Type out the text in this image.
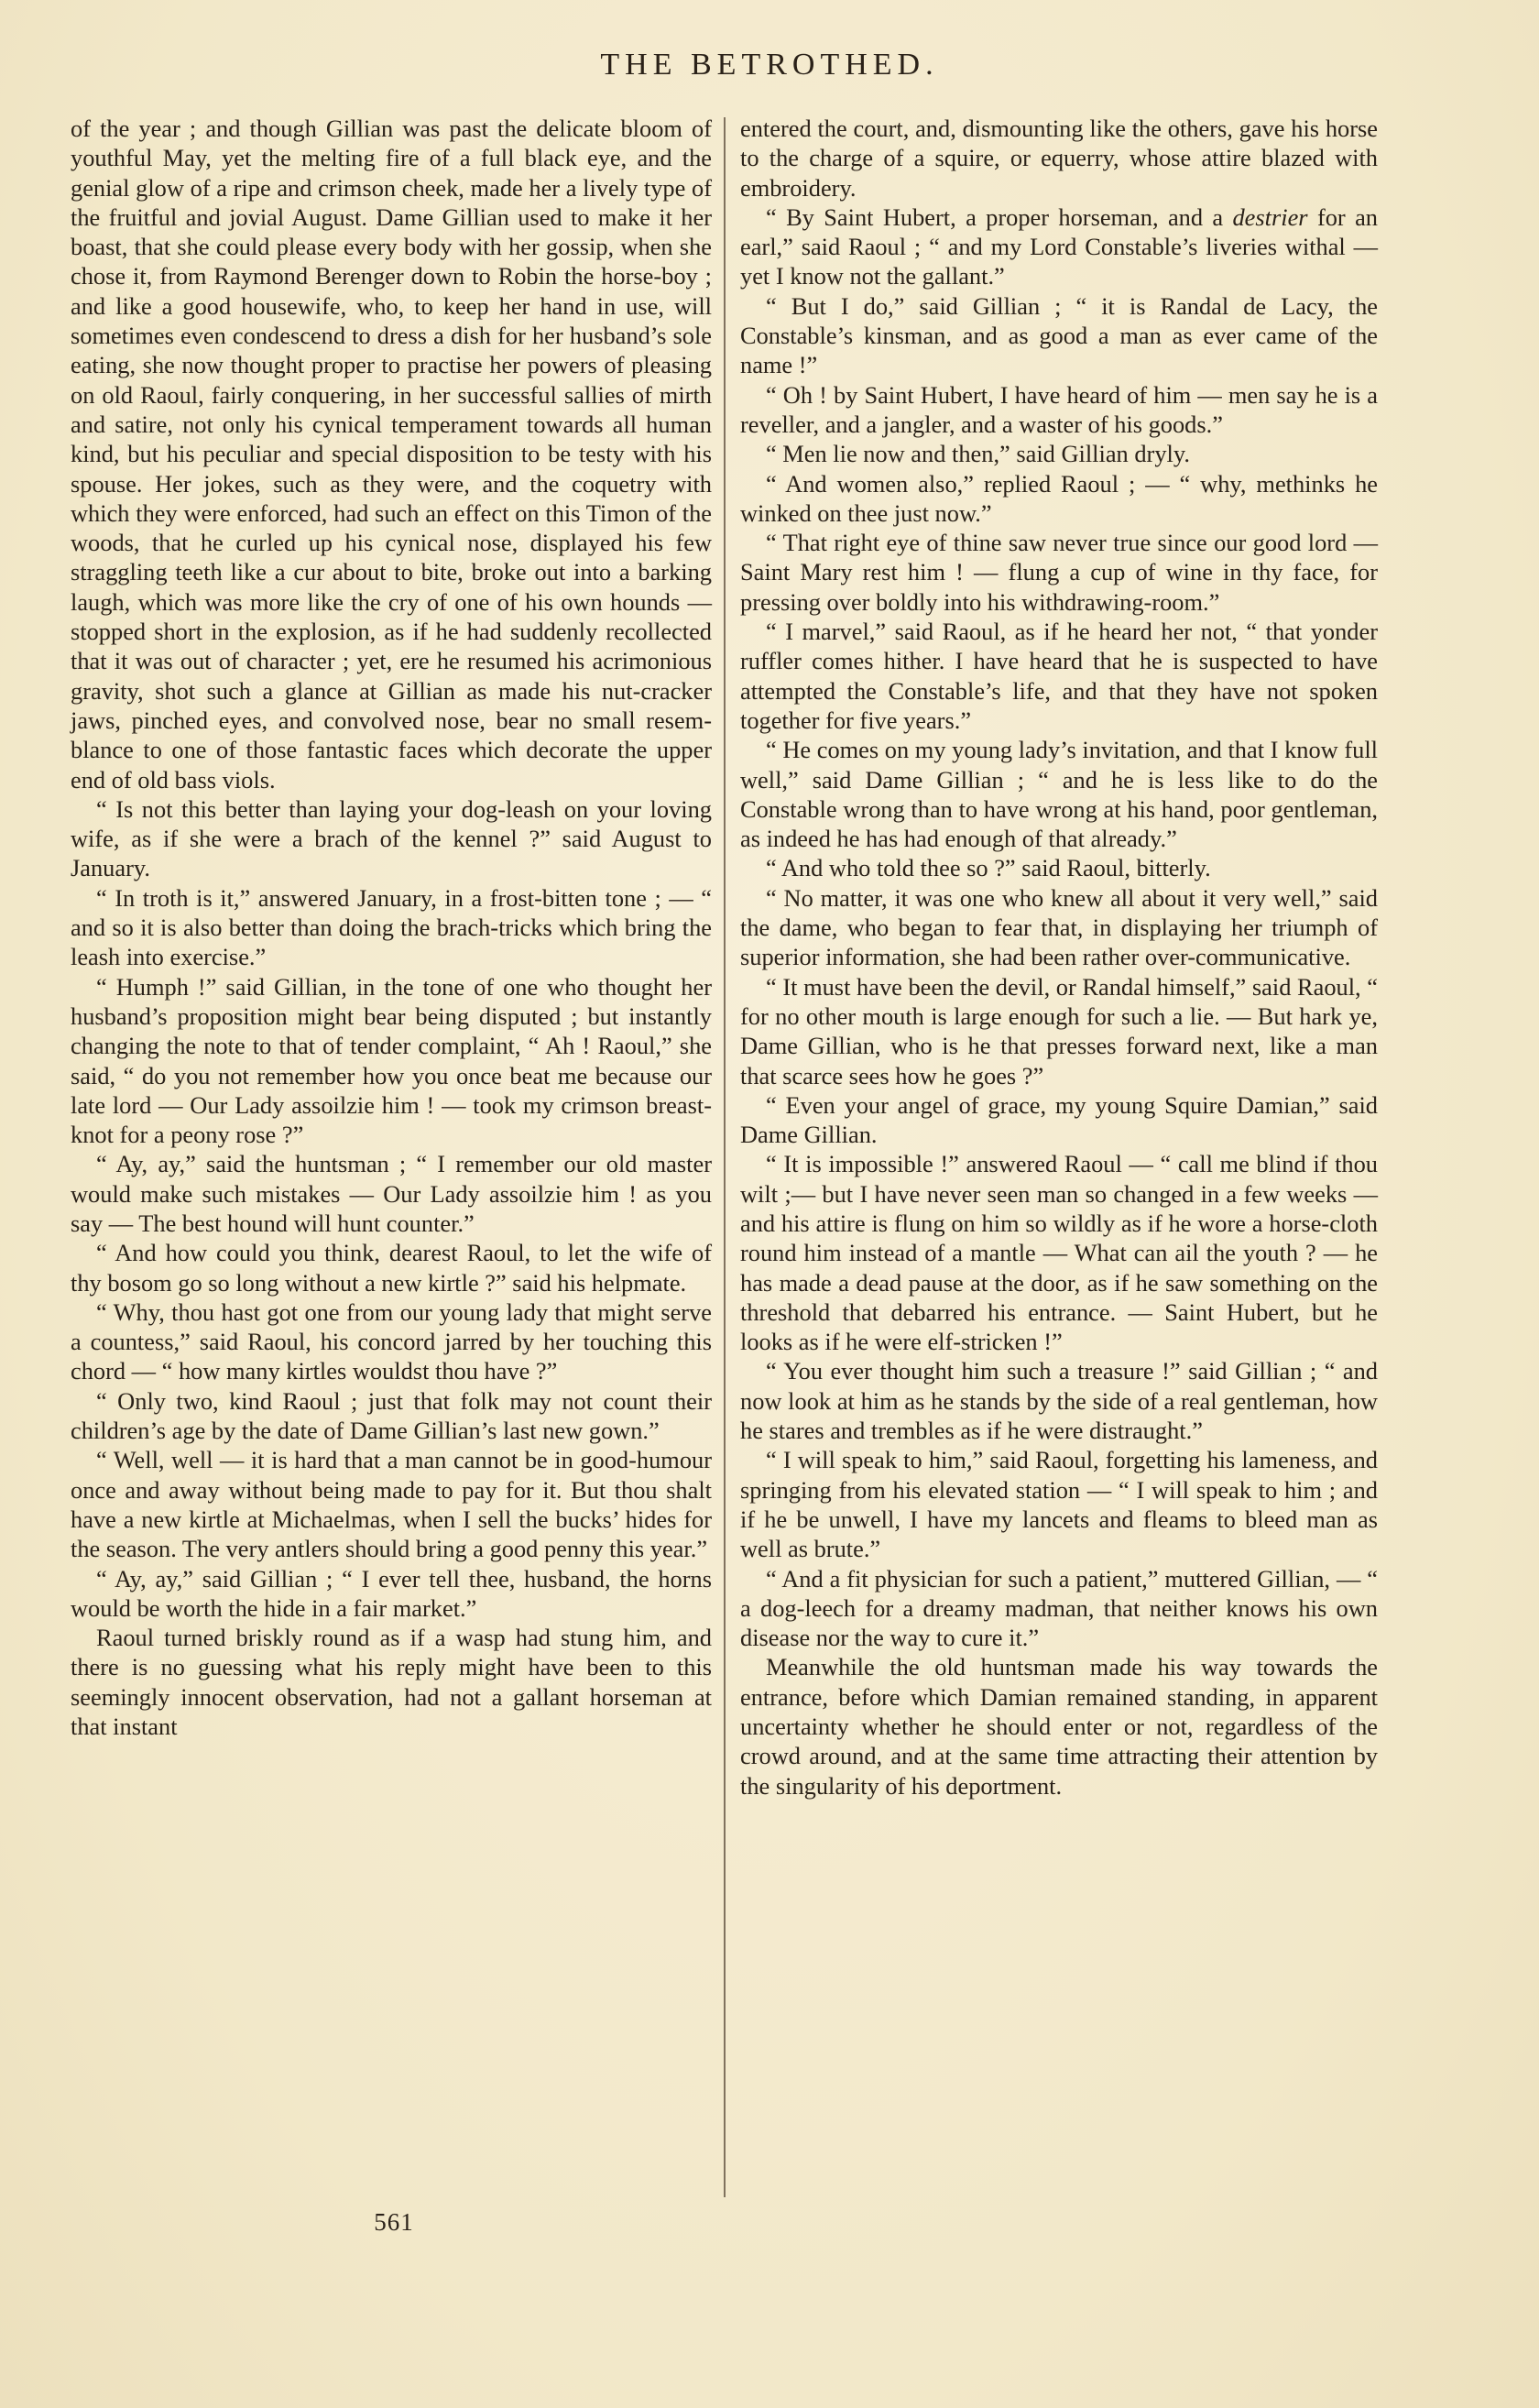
THE BETROTHED.

of the year ; and though Gillian was past the delicate bloom of youthful May, yet the melting fire of a full black eye, and the genial glow of a ripe and crimson cheek, made her a lively type of the fruitful and jovial August. Dame Gillian used to make it her boast, that she could please every body with her gossip, when she chose it, from Raymond Berenger down to Robin the horse-boy ; and like a good housewife, who, to keep her hand in use, will sometimes even condescend to dress a dish for her husband’s sole eating, she now thought proper to practise her powers of pleasing on old Raoul, fairly conquering, in her successful sallies of mirth and satire, not only his cynical temperament towards all human kind, but his peculiar and special disposition to be testy with his spouse. Her jokes, such as they were, and the coquetry with which they were enforced, had such an effect on this Timon of the woods, that he curled up his cynical nose, displayed his few straggling teeth like a cur about to bite, broke out into a barking laugh, which was more like the cry of one of his own hounds — stopped short in the explosion, as if he had suddenly recollected that it was out of character ; yet, ere he resumed his acrimonious gravity, shot such a glance at Gillian as made his nut-cracker jaws, pinched eyes, and convolved nose, bear no small resemblance to one of those fantastic faces which decorate the upper end of old bass viols.

“ Is not this better than laying your dog-leash on your loving wife, as if she were a brach of the kennel ?” said August to January.

“ In troth is it,” answered January, in a frost-bitten tone ; — “ and so it is also better than doing the brach-tricks which bring the leash into exercise.”

“ Humph !” said Gillian, in the tone of one who thought her husband’s proposition might bear being disputed ; but instantly changing the note to that of tender complaint, “ Ah ! Raoul,” she said, “ do you not remember how you once beat me because our late lord — Our Lady assoilzie him ! — took my crimson breast-knot for a peony rose ?”

“ Ay, ay,” said the huntsman ; “ I remember our old master would make such mistakes — Our Lady assoilzie him ! as you say — The best hound will hunt counter.”

“ And how could you think, dearest Raoul, to let the wife of thy bosom go so long without a new kirtle ?” said his helpmate.

“ Why, thou hast got one from our young lady that might serve a countess,” said Raoul, his concord jarred by her touching this chord — “ how many kirtles wouldst thou have ?”

“ Only two, kind Raoul ; just that folk may not count their children’s age by the date of Dame Gillian’s last new gown.”

“ Well, well — it is hard that a man cannot be in good-humour once and away without being made to pay for it. But thou shalt have a new kirtle at Michaelmas, when I sell the bucks’ hides for the season. The very antlers should bring a good penny this year.”

“ Ay, ay,” said Gillian ; “ I ever tell thee, husband, the horns would be worth the hide in a fair market.”

Raoul turned briskly round as if a wasp had stung him, and there is no guessing what his reply might have been to this seemingly innocent observation, had not a gallant horseman at that instant

entered the court, and, dismounting like the others, gave his horse to the charge of a squire, or equerry, whose attire blazed with embroidery.

“ By Saint Hubert, a proper horseman, and a destrier for an earl,” said Raoul ; “ and my Lord Constable’s liveries withal — yet I know not the gallant.”

“ But I do,” said Gillian ; “ it is Randal de Lacy, the Constable’s kinsman, and as good a man as ever came of the name !”

“ Oh ! by Saint Hubert, I have heard of him — men say he is a reveller, and a jangler, and a waster of his goods.”

“ Men lie now and then,” said Gillian dryly.

“ And women also,” replied Raoul ; — “ why, methinks he winked on thee just now.”

“ That right eye of thine saw never true since our good lord — Saint Mary rest him ! — flung a cup of wine in thy face, for pressing over boldly into his withdrawing-room.”

“ I marvel,” said Raoul, as if he heard her not, “ that yonder ruffler comes hither. I have heard that he is suspected to have attempted the Constable’s life, and that they have not spoken together for five years.”

“ He comes on my young lady’s invitation, and that I know full well,” said Dame Gillian ; “ and he is less like to do the Constable wrong than to have wrong at his hand, poor gentleman, as indeed he has had enough of that already.”

“ And who told thee so ?” said Raoul, bitterly.

“ No matter, it was one who knew all about it very well,” said the dame, who began to fear that, in displaying her triumph of superior information, she had been rather over-communicative.

“ It must have been the devil, or Randal himself,” said Raoul, “ for no other mouth is large enough for such a lie. — But hark ye, Dame Gillian, who is he that presses forward next, like a man that scarce sees how he goes ?”

“ Even your angel of grace, my young Squire Damian,” said Dame Gillian.

“ It is impossible !” answered Raoul — “ call me blind if thou wilt ;— but I have never seen man so changed in a few weeks — and his attire is flung on him so wildly as if he wore a horse-cloth round him instead of a mantle — What can ail the youth ? — he has made a dead pause at the door, as if he saw something on the threshold that debarred his entrance. — Saint Hubert, but he looks as if he were elf-stricken !”

“ You ever thought him such a treasure !” said Gillian ; “ and now look at him as he stands by the side of a real gentleman, how he stares and trembles as if he were distraught.”

“ I will speak to him,” said Raoul, forgetting his lameness, and springing from his elevated station — “ I will speak to him ; and if he be unwell, I have my lancets and fleams to bleed man as well as brute.”

“ And a fit physician for such a patient,” muttered Gillian, — “ a dog-leech for a dreamy madman, that neither knows his own disease nor the way to cure it.”

Meanwhile the old huntsman made his way towards the entrance, before which Damian remained standing, in apparent uncertainty whether he should enter or not, regardless of the crowd around, and at the same time attracting their attention by the singularity of his deportment.

561
